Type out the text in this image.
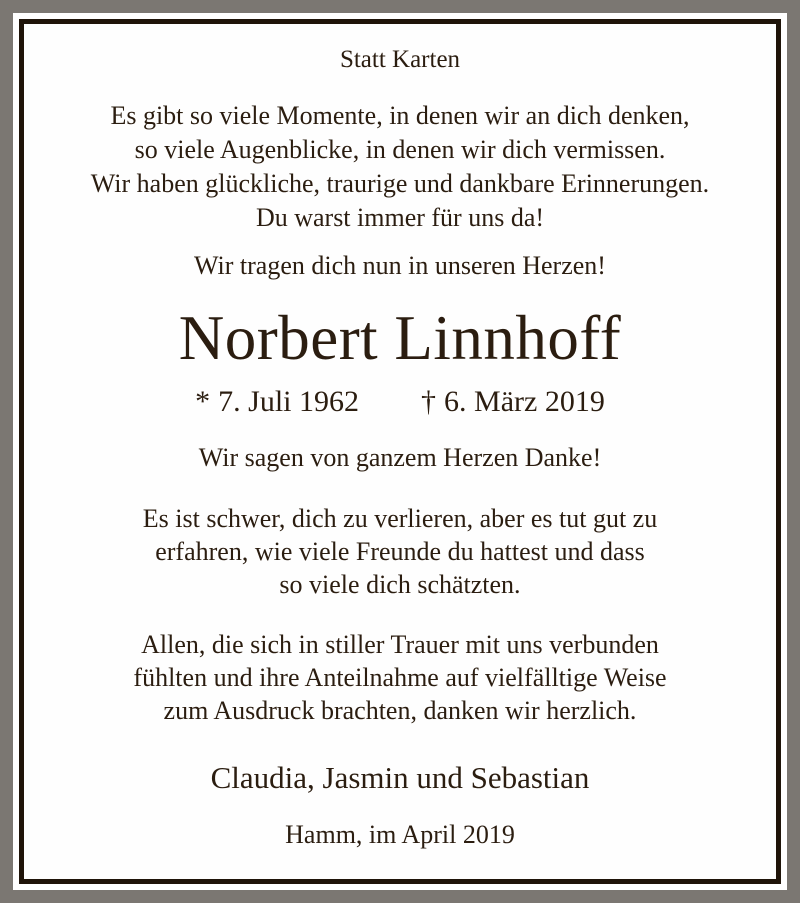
Statt Karten
Es gibt so viele Momente, in denen wir an dich denken,
so viele Augenblicke, in denen wir dich vermissen.
Wir haben glückliche, traurige und dankbare Erinnerungen.
Du warst immer für uns da!
Wir tragen dich nun in unseren Herzen!
Norbert Linnhoff
* 7. Juli 1962 † 6. März 2019
Wir sagen von ganzem Herzen Danke!
Es ist schwer, dich zu verlieren, aber es tut gut zu
erfahren, wie viele Freunde du hattest und dass
so viele dich schätzten.
Allen, die sich in stiller Trauer mit uns verbunden
fühlten und ihre Anteilnahme auf vielfälltige Weise
zum Ausdruck brachten, danken wir herzlich.
Claudia, Jasmin und Sebastian
Hamm, im April 2019
